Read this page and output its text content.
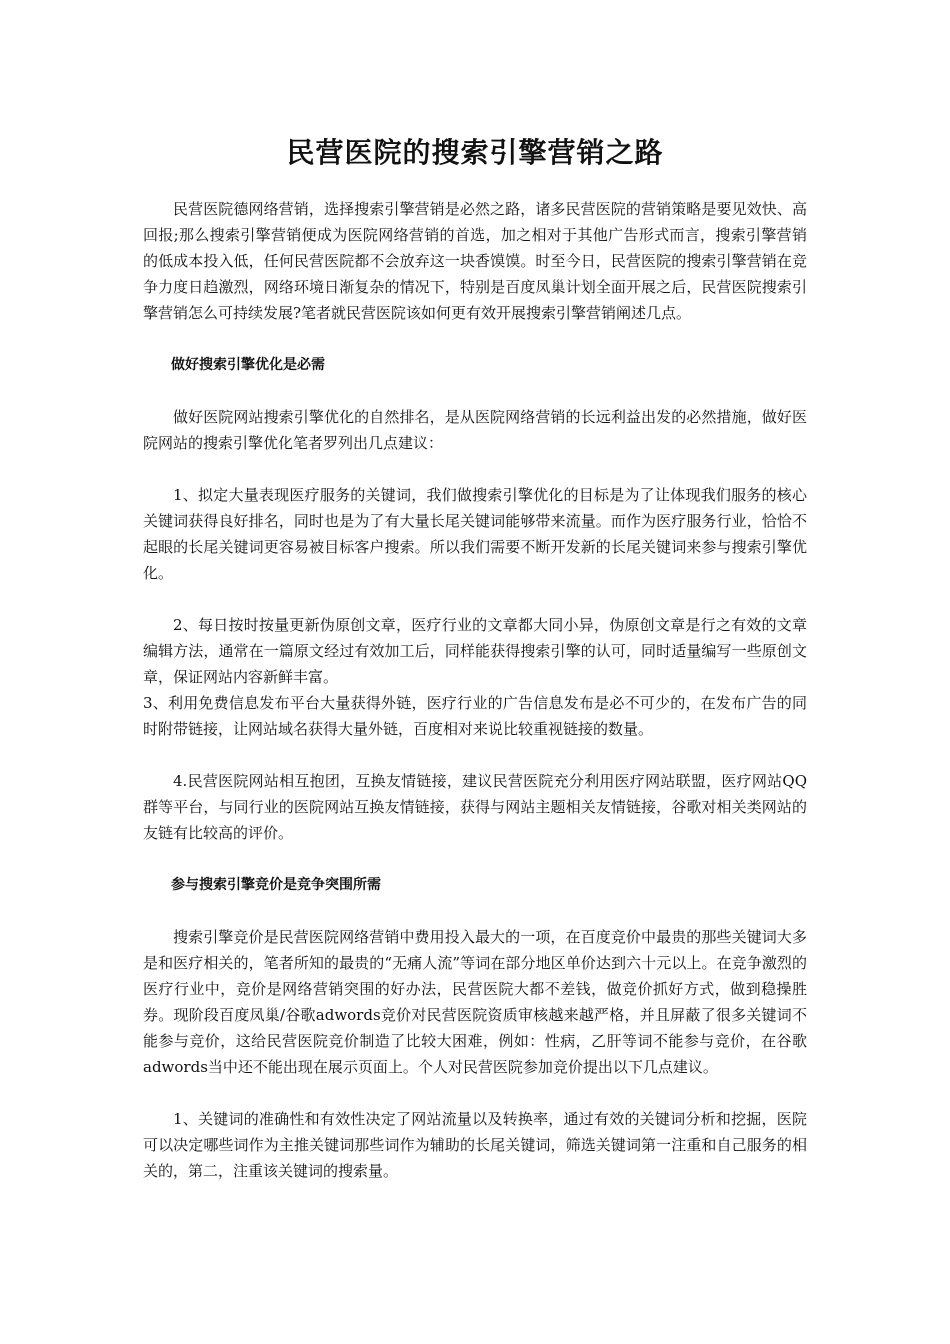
民营医院的搜索引擎营销之路

民营医院德网络营销，选择搜索引擎营销是必然之路，诸多民营医院的营销策略是要见效快、高回报;那么搜索引擎营销便成为医院网络营销的首选，加之相对于其他广告形式而言，搜索引擎营销的低成本投入低，任何民营医院都不会放弃这一块香馍馍。时至今日，民营医院的搜索引擎营销在竞争力度日趋激烈，网络环境日渐复杂的情况下，特别是百度凤巢计划全面开展之后，民营医院搜索引擎营销怎么可持续发展?笔者就民营医院该如何更有效开展搜索引擎营销阐述几点。

做好搜索引擎优化是必需

做好医院网站搜索引擎优化的自然排名，是从医院网络营销的长远利益出发的必然措施，做好医院网站的搜索引擎优化笔者罗列出几点建议：

1、拟定大量表现医疗服务的关键词，我们做搜索引擎优化的目标是为了让体现我们服务的核心关键词获得良好排名，同时也是为了有大量长尾关键词能够带来流量。而作为医疗服务行业，恰恰不起眼的长尾关键词更容易被目标客户搜索。所以我们需要不断开发新的长尾关键词来参与搜索引擎优化。

2、每日按时按量更新伪原创文章，医疗行业的文章都大同小异，伪原创文章是行之有效的文章编辑方法，通常在一篇原文经过有效加工后，同样能获得搜索引擎的认可，同时适量编写一些原创文章，保证网站内容新鲜丰富。

3、利用免费信息发布平台大量获得外链，医疗行业的广告信息发布是必不可少的，在发布广告的同时附带链接，让网站域名获得大量外链，百度相对来说比较重视链接的数量。

4.民营医院网站相互抱团，互换友情链接，建议民营医院充分利用医疗网站联盟，医疗网站QQ群等平台，与同行业的医院网站互换友情链接，获得与网站主题相关友情链接，谷歌对相关类网站的友链有比较高的评价。

参与搜索引擎竞价是竞争突围所需

搜索引擎竞价是民营医院网络营销中费用投入最大的一项，在百度竞价中最贵的那些关键词大多是和医疗相关的，笔者所知的最贵的“无痛人流”等词在部分地区单价达到六十元以上。在竞争激烈的医疗行业中，竞价是网络营销突围的好办法，民营医院大都不差钱，做竞价抓好方式，做到稳操胜券。现阶段百度凤巢/谷歌adwords竞价对民营医院资质审核越来越严格，并且屏蔽了很多关键词不能参与竞价，这给民营医院竞价制造了比较大困难，例如：性病，乙肝等词不能参与竞价，在谷歌adwords当中还不能出现在展示页面上。个人对民营医院参加竞价提出以下几点建议。

1、关键词的准确性和有效性决定了网站流量以及转换率，通过有效的关键词分析和挖掘，医院可以决定哪些词作为主推关键词那些词作为辅助的长尾关键词，筛选关键词第一注重和自己服务的相关的，第二，注重该关键词的搜索量。
